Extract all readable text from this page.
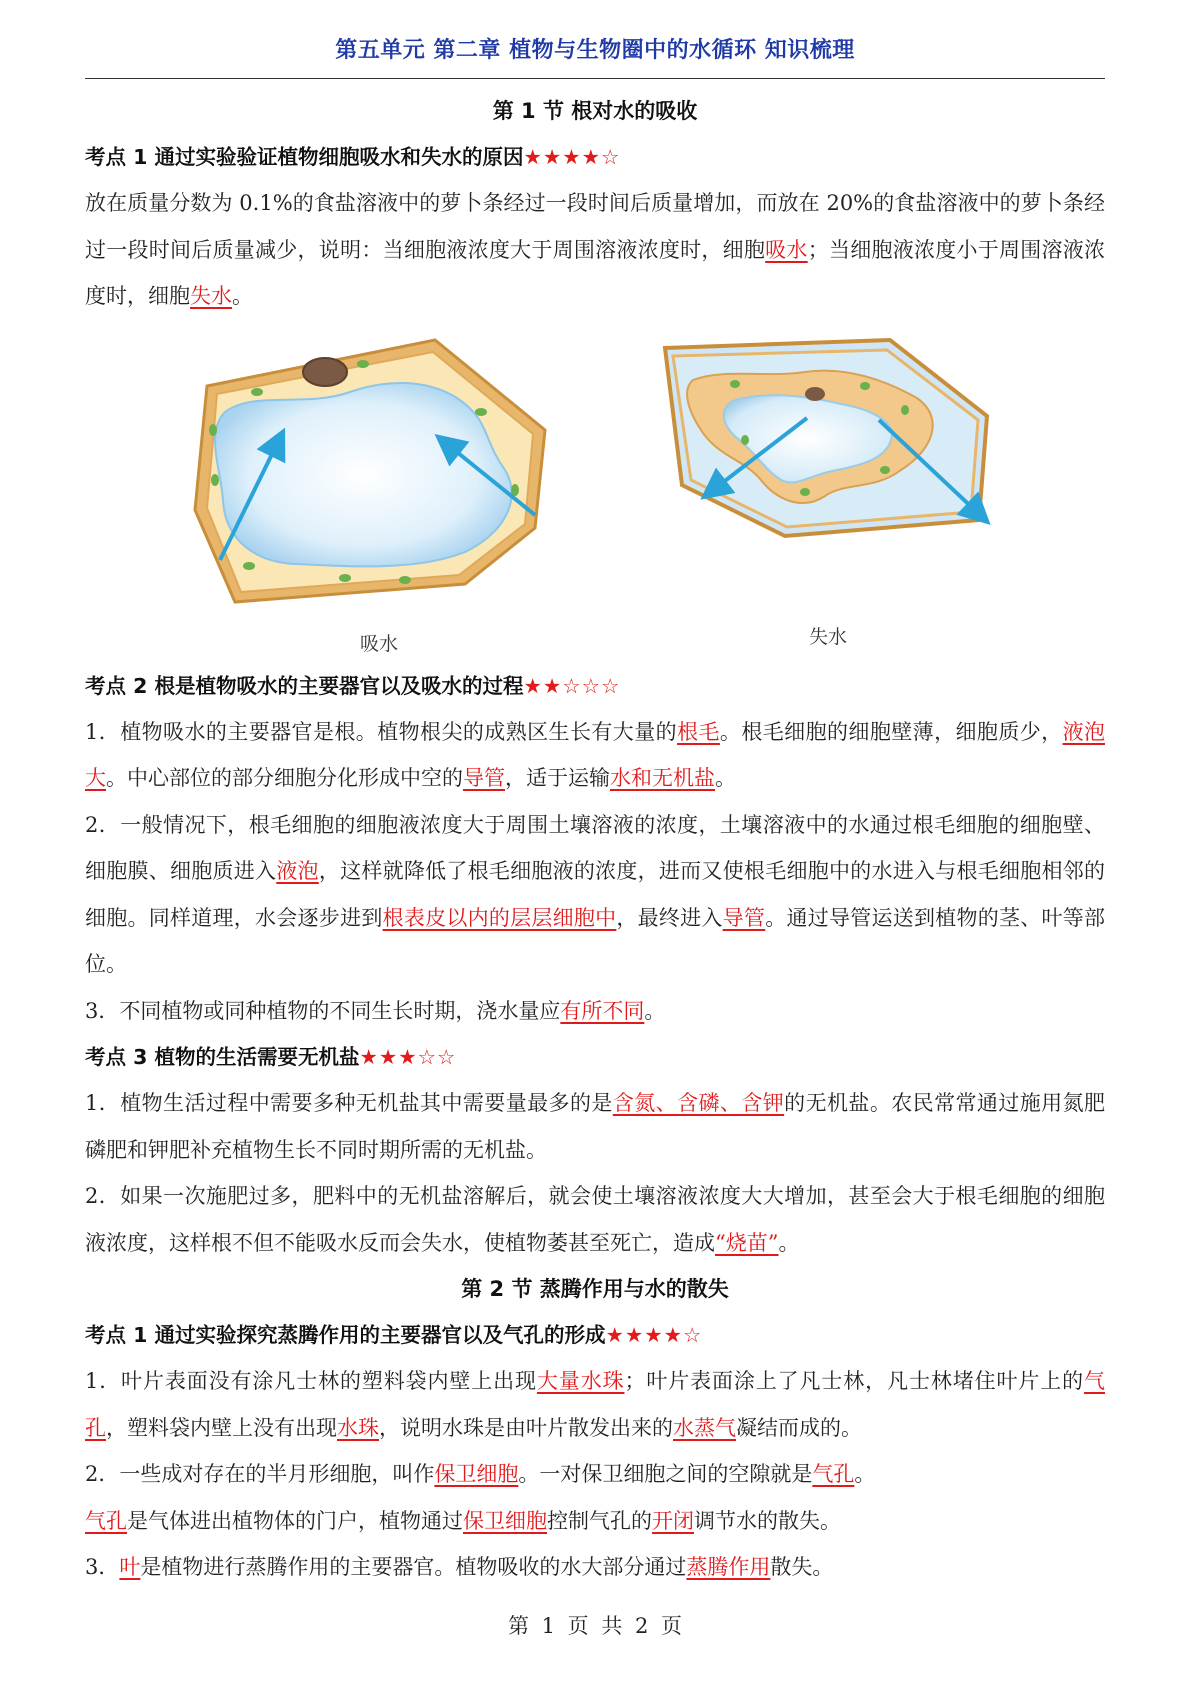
第五单元 第二章 植物与生物圈中的水循环 知识梳理
第 1 节 根对水的吸收
考点 1 通过实验验证植物细胞吸水和失水的原因★★★★☆

放在质量分数为 0.1%的食盐溶液中的萝卜条经过一段时间后质量增加，而放在 20%的食盐溶液中的萝卜条经过一段时间后质量减少，说明：当细胞液浓度大于周围溶液浓度时，细胞吸水；当细胞液浓度小于周围溶液浓度时，细胞失水。

吸水	失水
考点 2 根是植物吸水的主要器官以及吸水的过程★★☆☆☆

1．植物吸水的主要器官是根。植物根尖的成熟区生长有大量的根毛。根毛细胞的细胞壁薄，细胞质少，液泡大。中心部位的部分细胞分化形成中空的导管，适于运输水和无机盐。

2．一般情况下，根毛细胞的细胞液浓度大于周围土壤溶液的浓度，土壤溶液中的水通过根毛细胞的细胞壁、细胞膜、细胞质进入液泡，这样就降低了根毛细胞液的浓度，进而又使根毛细胞中的水进入与根毛细胞相邻的细胞。同样道理，水会逐步进到根表皮以内的层层细胞中，最终进入导管。通过导管运送到植物的茎、叶等部位。

3．不同植物或同种植物的不同生长时期，浇水量应有所不同。

考点 3 植物的生活需要无机盐★★★☆☆

1．植物生活过程中需要多种无机盐其中需要量最多的是含氮、含磷、含钾的无机盐。农民常常通过施用氮肥磷肥和钾肥补充植物生长不同时期所需的无机盐。

2．如果一次施肥过多，肥料中的无机盐溶解后，就会使土壤溶液浓度大大增加，甚至会大于根毛细胞的细胞液浓度，这样根不但不能吸水反而会失水，使植物萎甚至死亡，造成“烧苗”。

第 2 节 蒸腾作用与水的散失
考点 1 通过实验探究蒸腾作用的主要器官以及气孔的形成★★★★☆

1．叶片表面没有涂凡士林的塑料袋内壁上出现大量水珠；叶片表面涂上了凡士林，凡士林堵住叶片上的气孔，塑料袋内壁上没有出现水珠，说明水珠是由叶片散发出来的水蒸气凝结而成的。

2．一些成对存在的半月形细胞，叫作保卫细胞。一对保卫细胞之间的空隙就是气孔。

气孔是气体进出植物体的门户，植物通过保卫细胞控制气孔的开闭调节水的散失。

3．叶是植物进行蒸腾作用的主要器官。植物吸收的水大部分通过蒸腾作用散失。

第 1 页 共 2 页
